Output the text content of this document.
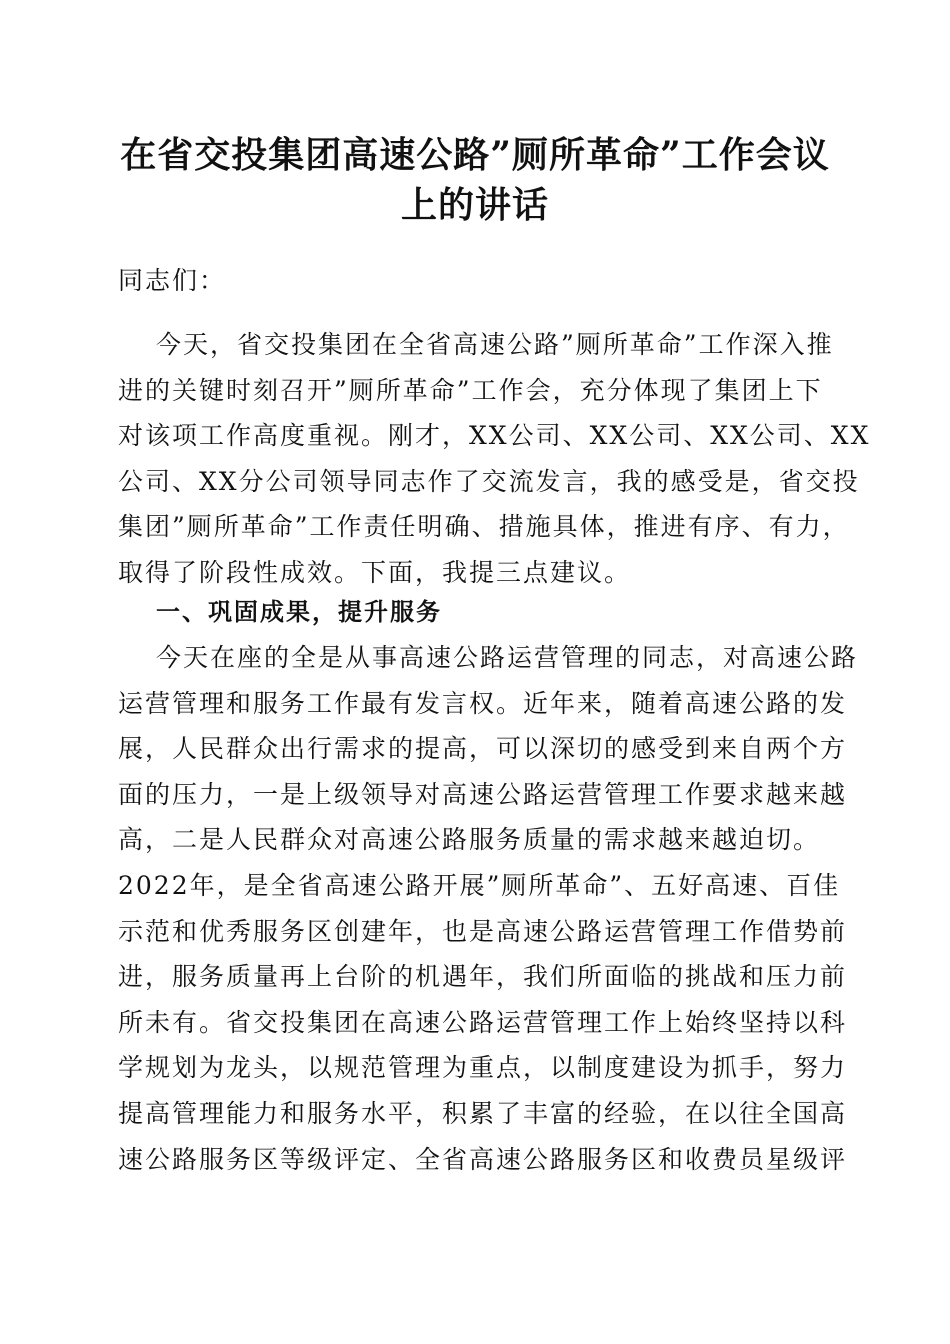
在省交投集团高速公路”厕所革命”工作会议
上的讲话
同志们：
今天，省交投集团在全省高速公路”厕所革命”工作深入推
进的关键时刻召开”厕所革命”工作会，充分体现了集团上下
对该项工作高度重视。刚才，XX公司、XX公司、XX公司、XX
公司、XX分公司领导同志作了交流发言，我的感受是，省交投
集团”厕所革命”工作责任明确、措施具体，推进有序、有力，
取得了阶段性成效。下面，我提三点建议。
一、巩固成果，提升服务
今天在座的全是从事高速公路运营管理的同志，对高速公路
运营管理和服务工作最有发言权。近年来，随着高速公路的发
展，人民群众出行需求的提高，可以深切的感受到来自两个方
面的压力，一是上级领导对高速公路运营管理工作要求越来越
高，二是人民群众对高速公路服务质量的需求越来越迫切。
2022年，是全省高速公路开展”厕所革命”、五好高速、百佳
示范和优秀服务区创建年，也是高速公路运营管理工作借势前
进，服务质量再上台阶的机遇年，我们所面临的挑战和压力前
所未有。省交投集团在高速公路运营管理工作上始终坚持以科
学规划为龙头，以规范管理为重点，以制度建设为抓手，努力
提高管理能力和服务水平，积累了丰富的经验，在以往全国高
速公路服务区等级评定、全省高速公路服务区和收费员星级评
